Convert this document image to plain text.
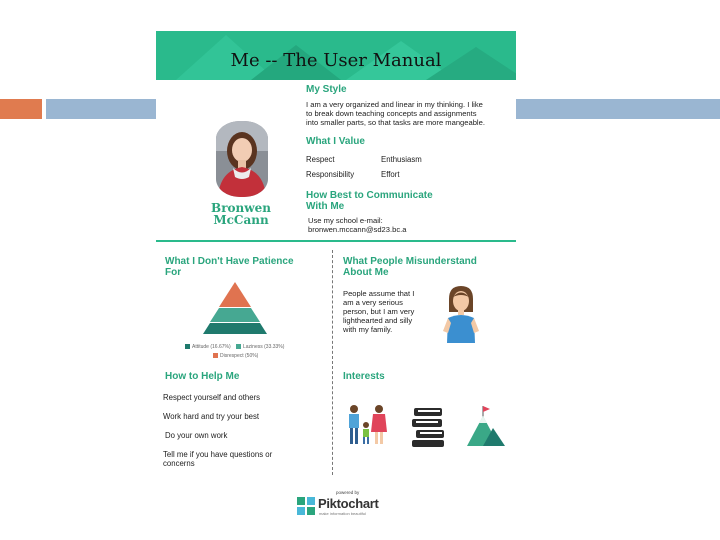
Me -- The User Manual
Bronwen
McCann
My Style
I am a very organized and linear in my thinking. I like
to break down teaching concepts and assignments
into smaller parts, so that tasks are more mangeable.
What I Value
Respect	Enthusiasm
Responsibility	Effort
How Best to Communicate
With Me
Use my school e-mail:
bronwen.mccann@sd23.bc.a
What I Don't Have Patience
For
Attitude (16.67%)	Laziness (33.33%)
Disrespect (50%)
What People Misunderstand
About Me
People assume that I
am a very serious
person, but I am very
lighthearted and silly
with my family.
How to Help Me
Respect yourself and others
Work hard and try your best
Do your own work
Tell me if you have questions or concerns
Interests
powered by
Piktochart
make information beautiful
